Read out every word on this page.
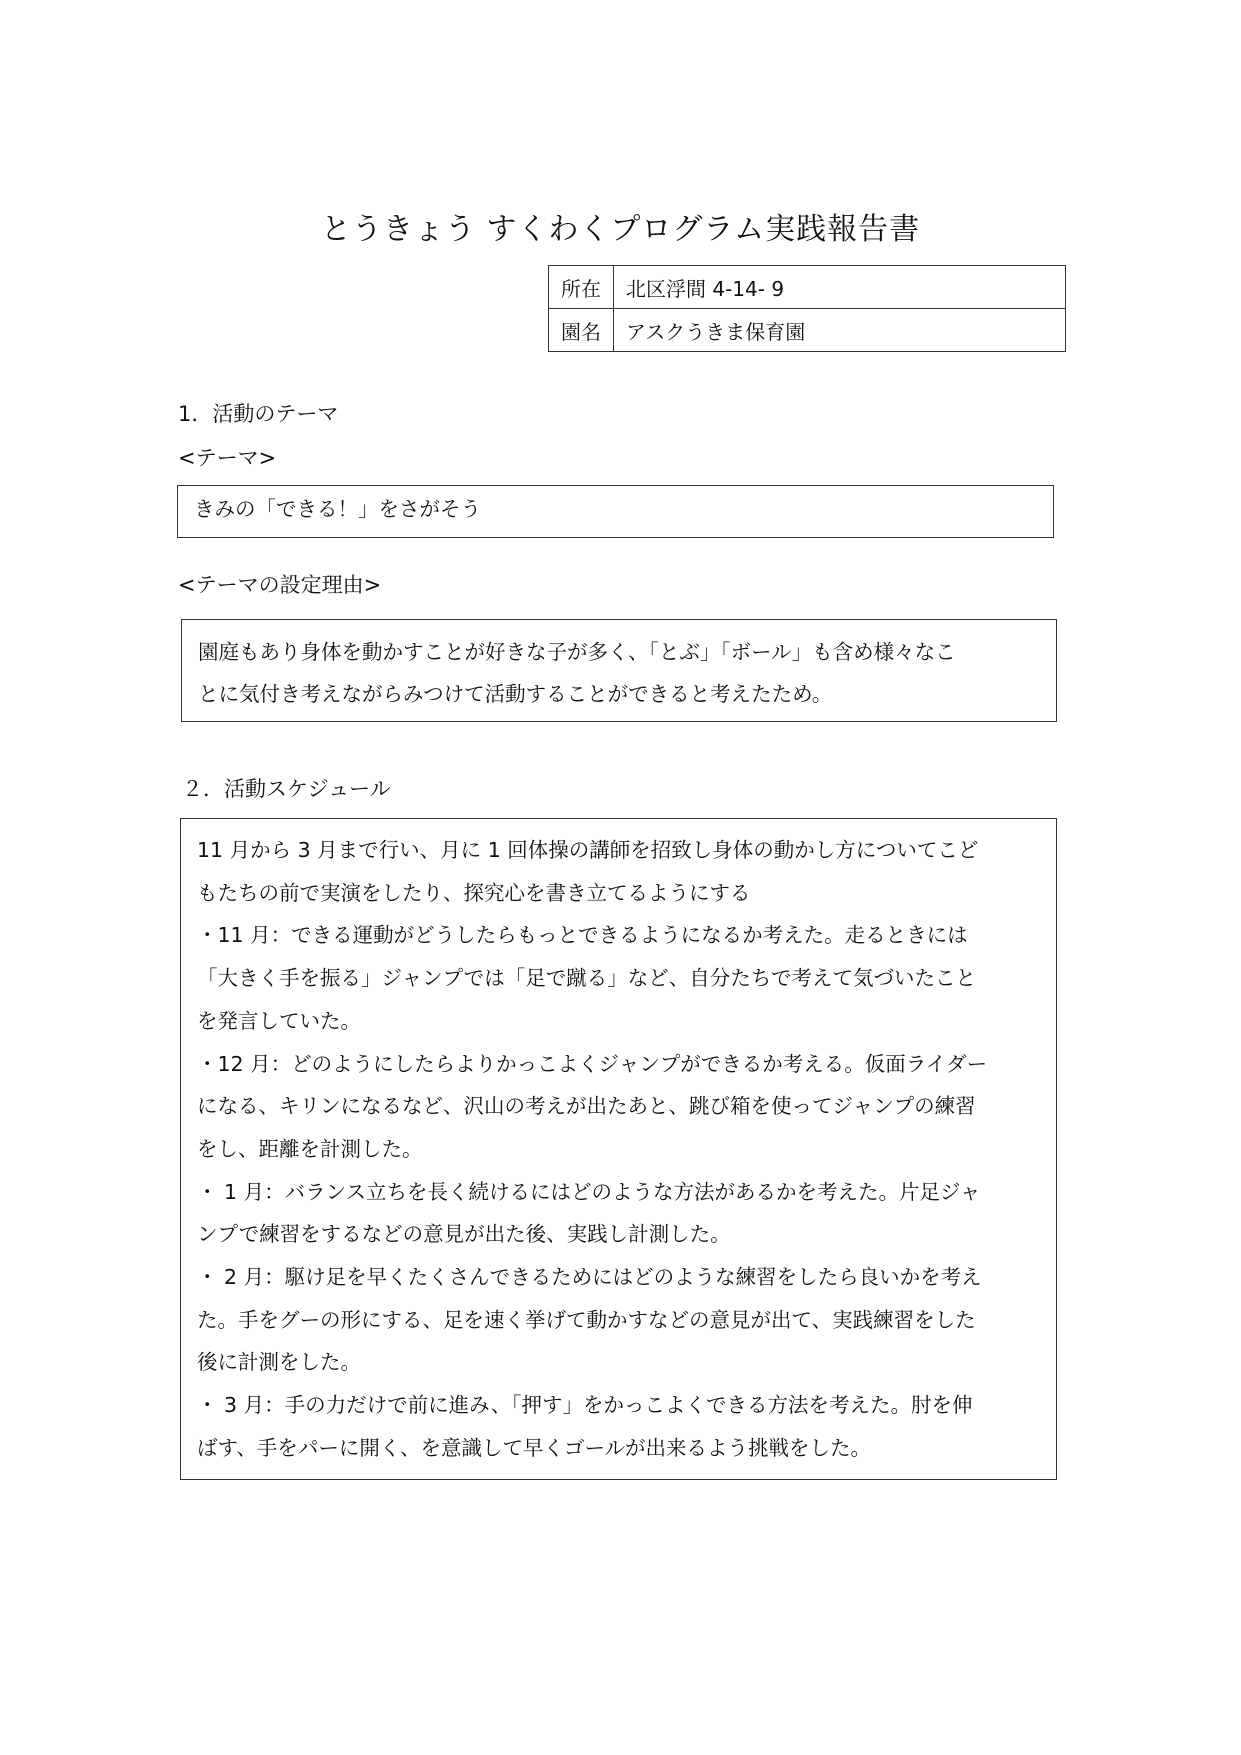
とうきょう すくわくプログラム実践報告書
所在	北区浮間 4-14- 9
園名	アスクうきま保育園
1．活動のテーマ
<テーマ>
きみの「できる！」をさがそう
<テーマの設定理由>

園庭もあり身体を動かすことが好きな子が多く、「とぶ」「ボール」も含め様々なこ

とに気付き考えながらみつけて活動することができると考えたため。

２．活動スケジュール

11 月から 3 月まで行い、月に 1 回体操の講師を招致し身体の動かし方についてこど

もたちの前で実演をしたり、探究心を書き立てるようにする

・11 月：できる運動がどうしたらもっとできるようになるか考えた。走るときには

「大きく手を振る」ジャンプでは「足で蹴る」など、自分たちで考えて気づいたこと

を発言していた。

・12 月：どのようにしたらよりかっこよくジャンプができるか考える。仮面ライダー

になる、キリンになるなど、沢山の考えが出たあと、跳び箱を使ってジャンプの練習

をし、距離を計測した。

・ 1 月：バランス立ちを長く続けるにはどのような方法があるかを考えた。片足ジャ

ンプで練習をするなどの意見が出た後、実践し計測した。

・ 2 月：駆け足を早くたくさんできるためにはどのような練習をしたら良いかを考え

た。手をグーの形にする、足を速く挙げて動かすなどの意見が出て、実践練習をした

後に計測をした。

・ 3 月：手の力だけで前に進み、「押す」をかっこよくできる方法を考えた。肘を伸

ばす、手をパーに開く、を意識して早くゴールが出来るよう挑戦をした。
